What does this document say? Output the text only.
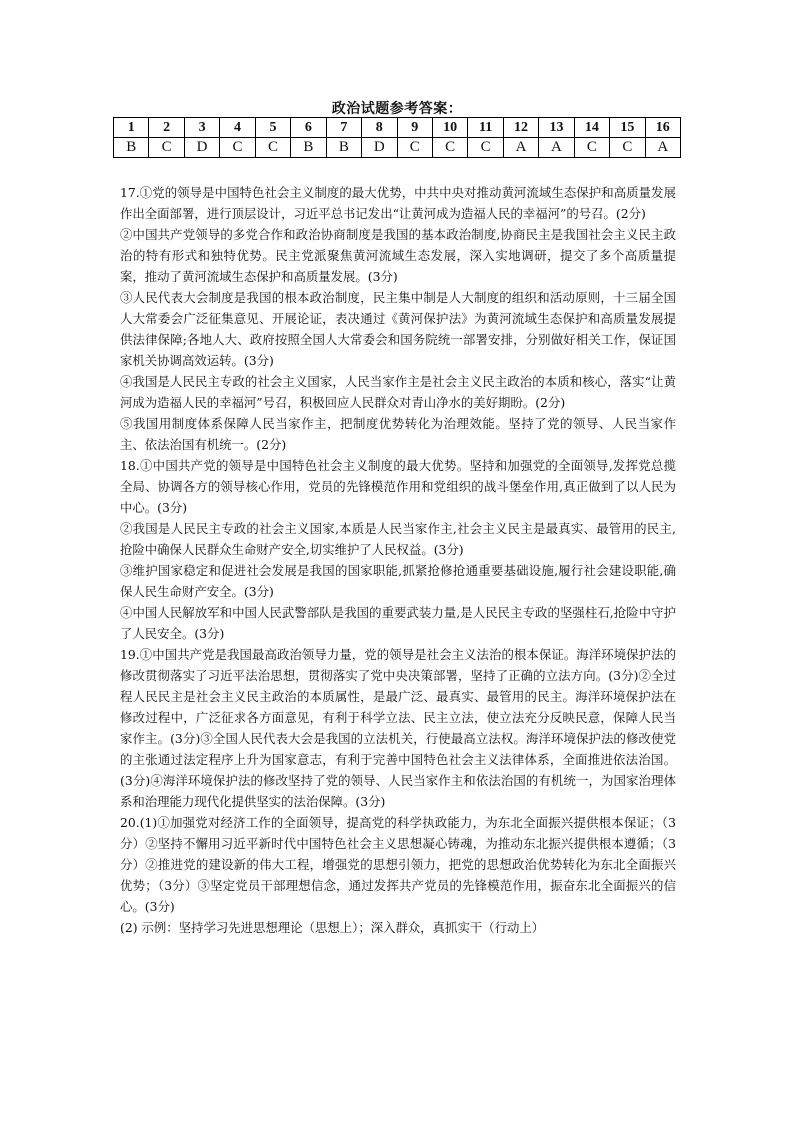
政治试题参考答案：
1	2	3	4	5	6	7	8	9	10	11	12	13	14	15	16
B	C	D	C	C	B	B	D	C	C	C	A	A	C	C	A

17.①党的领导是中国特色社会主义制度的最大优势，中共中央对推动黄河流域生态保护和高质量发展作出全面部署，进行顶层设计，习近平总书记发出“让黄河成为造福人民的幸福河”的号召。(2分)

②中国共产党领导的多党合作和政治协商制度是我国的基本政治制度,协商民主是我国社会主义民主政治的特有形式和独特优势。民主党派聚焦黄河流域生态发展，深入实地调研，提交了多个高质量提案，推动了黄河流域生态保护和高质量发展。(3分)

③人民代表大会制度是我国的根本政治制度，民主集中制是人大制度的组织和活动原则，十三届全国人大常委会广泛征集意见、开展论证，表决通过《黄河保护法》为黄河流域生态保护和高质量发展提供法律保障;各地人大、政府按照全国人大常委会和国务院统一部署安排，分别做好相关工作，保证国家机关协调高效运转。(3分)

④我国是人民民主专政的社会主义国家，人民当家作主是社会主义民主政治的本质和核心，落实“让黄河成为造福人民的幸福河”号召，积极回应人民群众对青山净水的美好期盼。(2分)

⑤我国用制度体系保障人民当家作主，把制度优势转化为治理效能。坚持了党的领导、人民当家作主、依法治国有机统一。(2分)

18.①中国共产党的领导是中国特色社会主义制度的最大优势。坚持和加强党的全面领导,发挥党总揽全局、协调各方的领导核心作用，党员的先锋模范作用和党组织的战斗堡垒作用,真正做到了以人民为中心。(3分)

②我国是人民民主专政的社会主义国家,本质是人民当家作主,社会主义民主是最真实、最管用的民主,抢险中确保人民群众生命财产安全,切实维护了人民权益。(3分)

③维护国家稳定和促进社会发展是我国的国家职能,抓紧抢修抢通重要基础设施,履行社会建设职能,确保人民生命财产安全。(3分)

④中国人民解放军和中国人民武警部队是我国的重要武装力量,是人民民主专政的坚强柱石,抢险中守护了人民安全。(3分)

19.①中国共产党是我国最高政治领导力量，党的领导是社会主义法治的根本保证。海洋环境保护法的修改贯彻落实了习近平法治思想，贯彻落实了党中央决策部署，坚持了正确的立法方向。(3分)②全过程人民民主是社会主义民主政治的本质属性，是最广泛、最真实、最管用的民主。海洋环境保护法在修改过程中，广泛征求各方面意见，有利于科学立法、民主立法，使立法充分反映民意，保障人民当家作主。(3分)③全国人民代表大会是我国的立法机关，行使最高立法权。海洋环境保护法的修改使党的主张通过法定程序上升为国家意志，有利于完善中国特色社会主义法律体系，全面推进依法治国。(3分)④海洋环境保护法的修改坚持了党的领导、人民当家作主和依法治国的有机统一，为国家治理体系和治理能力现代化提供坚实的法治保障。(3分)

20.(1)①加强党对经济工作的全面领导，提高党的科学执政能力，为东北全面振兴提供根本保证；（3分）②坚持不懈用习近平新时代中国特色社会主义思想凝心铸魂，为推动东北振兴提供根本遵循；（3分）②推进党的建设新的伟大工程，增强党的思想引领力，把党的思想政治优势转化为东北全面振兴优势；（3分）③坚定党员干部理想信念，通过发挥共产党员的先锋模范作用，振奋东北全面振兴的信心。(3分)

(2) 示例：坚持学习先进思想理论（思想上）；深入群众，真抓实干（行动上）
